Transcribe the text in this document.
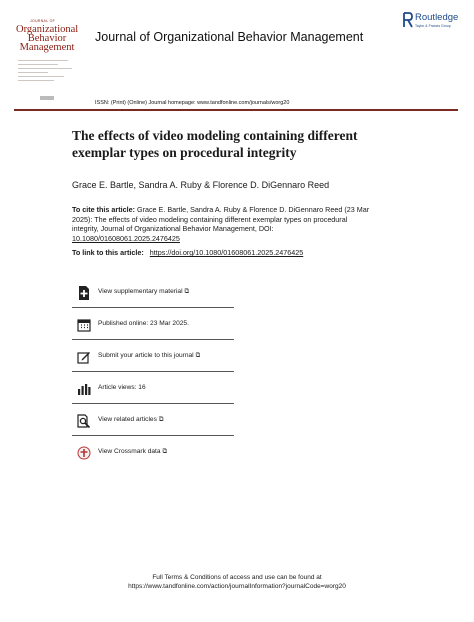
JOURNAL OF
Organizational
Behavior
Management
Journal of Organizational Behavior Management
Routledge
Taylor & Francis Group
ISSN: (Print) (Online) Journal homepage: www.tandfonline.com/journals/worg20
The effects of video modeling containing different exemplar types on procedural integrity
Grace E. Bartle, Sandra A. Ruby & Florence D. DiGennaro Reed
To cite this article: Grace E. Bartle, Sandra A. Ruby & Florence D. DiGennaro Reed (23 Mar 2025): The effects of video modeling containing different exemplar types on procedural integrity, Journal of Organizational Behavior Management, DOI: 10.1080/01608061.2025.2476425
To link to this article: https://doi.org/10.1080/01608061.2025.2476425
View supplementary material ⧉
Published online: 23 Mar 2025.
Submit your article to this journal ⧉
Article views: 16
View related articles ⧉
View Crossmark data ⧉
Full Terms & Conditions of access and use can be found at
https://www.tandfonline.com/action/journalInformation?journalCode=worg20
